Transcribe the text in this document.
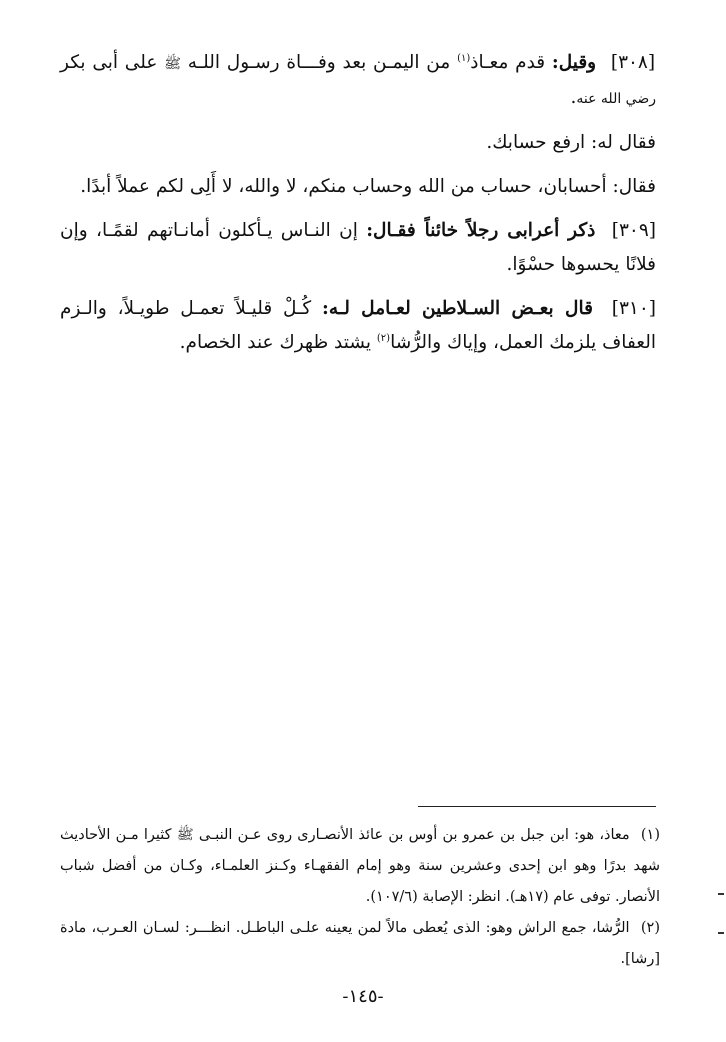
[٣٠٨] وقيل: قدم معـاذ$^{(١)}$ من اليمـن بعد وفـــاة رسـول اللـه ﷺ على أبى بكر رضي الله عنه.

فقال له: ارفع حسابك.

فقال: أحسابان، حساب من الله وحساب منكم، لا والله، لا أَلِى لكم عملاً أبدًا.

[٣٠٩] ذكر أعرابى رجلاً خائناً فقـال: إن النـاس يـأكلون أمانـاتهم لقمًـا، وإن فلانًا يحسوها حسْوًا.

[٣١٠] قال بعـض السـلاطين لعـامل لـه: كُـلْ قليـلاً تعمـل طويـلاً، والـزم العفاف يلزمك العمل، وإياك والرُّشا$^{(٢)}$ يشتد ظهرك عند الخصام.

(١) معاذ، هو: ابن جبل بن عمرو بن أوس بن عائذ الأنصـارى روى عـن النبـى ﷺ كثيرا مـن الأحاديث شهد بدرًا وهو ابن إحدى وعشرين سنة وهو إمام الفقهـاء وكـنز العلمـاء، وكـان من أفضل شباب الأنصار. توفى عام (١٧هـ). انظر: الإصابة (١٠٧/٦).

(٢) الرُّشا، جمع الراش وهو: الذى يُعطى مالاً لمن يعينه علـى الباطـل. انظـــر: لسـان العـرب، مادة [رشا].

-١٤٥-
